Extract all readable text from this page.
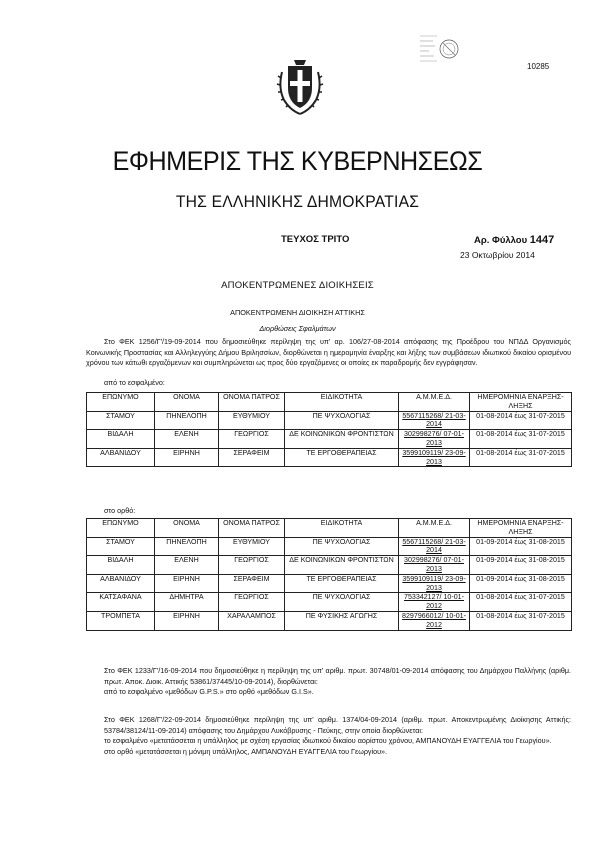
10285
ΕΦΗΜΕΡΙΣ ΤΗΣ ΚΥΒΕΡΝΗΣΕΩΣ
ΤΗΣ ΕΛΛΗΝΙΚΗΣ ΔΗΜΟΚΡΑΤΙΑΣ
ΤΕΥΧΟΣ ΤΡΙΤΟ	Αρ. Φύλλου 1447
23 Οκτωβρίου 2014
ΑΠΟΚΕΝΤΡΩΜΕΝΕΣ ΔΙΟΙΚΗΣΕΙΣ
ΑΠΟΚΕΝΤΡΩΜΕΝΗ ΔΙΟΙΚΗΣΗ ΑΤΤΙΚΗΣ
Διορθώσεις Σφαλμάτων
Στο ΦΕΚ 1256/Γ'/19-09-2014 που δημοσιεύθηκε περίληψη της υπ' αρ. 106/27-08-2014 απόφασης της Προέδρου του ΝΠΔΔ Οργανισμός Κοινωνικής Προστασίας και Αλληλεγγύης Δήμου Βριλησσίων, διορθώνεται η ημερομηνία έναρξης και λήξης των συμβάσεων ιδιωτικού δικαίου ορισμένου χρόνου των κάτωθι εργαζόμενων και συμπληρώνεται ως προς δύο εργαζόμενες οι οποίες εκ παραδρομής δεν εγγράφησαν.
από το εσφαλμένο:
ΕΠΩΝΥΜΟ	ΟΝΟΜΑ	ΟΝΟΜΑ ΠΑΤΡΟΣ	ΕΙΔΙΚΟΤΗΤΑ	Α.Μ.Μ.Ε.Δ.	ΗΜΕΡΟΜΗΝΙΑ ΕΝΑΡΞΗΣ-ΛΗΞΗΣ
ΣΤΑΜΟΥ	ΠΗΝΕΛΟΠΗ	ΕΥΘΥΜΙΟΥ	ΠΕ ΨΥΧΟΛΟΓΙΑΣ	5567115268/ 21-03-2014	01-08-2014 έως 31-07-2015
ΒΙΔΑΛΗ	ΕΛΕΝΗ	ΓΕΩΡΓΙΟΣ	ΔΕ ΚΟΙΝΩΝΙΚΩΝ ΦΡΟΝΤΙΣΤΩΝ	302998276/ 07-01-2013	01-08-2014 έως 31-07-2015
ΑΛΒΑΝΙΔΟΥ	ΕΙΡΗΝΗ	ΣΕΡΑΦΕΙΜ	ΤΕ ΕΡΓΟΘΕΡΑΠΕΙΑΣ	3599109119/ 23-09-2013	01-08-2014 έως 31-07-2015
στο ορθό:
ΕΠΩΝΥΜΟ	ΟΝΟΜΑ	ΟΝΟΜΑ ΠΑΤΡΟΣ	ΕΙΔΙΚΟΤΗΤΑ	Α.Μ.Μ.Ε.Δ.	ΗΜΕΡΟΜΗΝΙΑ ΕΝΑΡΞΗΣ-ΛΗΞΗΣ
ΣΤΑΜΟΥ	ΠΗΝΕΛΟΠΗ	ΕΥΘΥΜΙΟΥ	ΠΕ ΨΥΧΟΛΟΓΙΑΣ	5567115268/ 21-03-2014	01-09-2014 έως 31-08-2015
ΒΙΔΑΛΗ	ΕΛΕΝΗ	ΓΕΩΡΓΙΟΣ	ΔΕ ΚΟΙΝΩΝΙΚΩΝ ΦΡΟΝΤΙΣΤΩΝ	302998276/ 07-01-2013	01-09-2014 έως 31-08-2015
ΑΛΒΑΝΙΔΟΥ	ΕΙΡΗΝΗ	ΣΕΡΑΦΕΙΜ	ΤΕ ΕΡΓΟΘΕΡΑΠΕΙΑΣ	3599109119/ 23-09-2013	01-09-2014 έως 31-08-2015
ΚΑΤΣΑΦΑΝΑ	ΔΗΜΗΤΡΑ	ΓΕΩΡΓΙΟΣ	ΠΕ ΨΥΧΟΛΟΓΙΑΣ	753342127/ 10-01-2012	01-08-2014 έως 31-07-2015
ΤΡΟΜΠΕΤΑ	ΕΙΡΗΝΗ	ΧΑΡΑΛΑΜΠΟΣ	ΠΕ ΦΥΣΙΚΗΣ ΑΓΩΓΗΣ	8297966012/ 10-01-2012	01-08-2014 έως 31-07-2015
Στο ΦΕΚ 1233/Γ'/16-09-2014 που δημοσιεύθηκε η περίληψη της υπ' αριθμ. πρωτ. 30748/01-09-2014 απόφασης του Δημάρχου Παλλήνης (αριθμ. πρωτ. Αποκ. Διοικ. Αττικής 53861/37445/10-09-2014), διορθώνεται:
από το εσφαλμένο «μεθόδων G.P.S.» στο ορθό «μεθόδων G.I.S».
Στο ΦΕΚ 1268/Γ'/22-09-2014 δημοσιεύθηκε περίληψη της υπ' αριθμ. 1374/04-09-2014 (αριθμ. πρωτ. Αποκεντρωμένης Διοίκησης Αττικής: 53784/38124/11-09-2014) απόφασης του Δημάρχου Λυκόβρυσης - Πεύκης, στην οποία διορθώνεται:
το εσφαλμένο «μετατάσσεται η υπάλληλος με σχέση εργασίας ιδιωτικού δικαίου αορίστου χρόνου, ΑΜΠΑΝΟΥΔΗ ΕΥΑΓΓΕΛΙΑ του Γεωργίου».
στο ορθό «μετατάσσεται η μόνιμη υπάλληλος, ΑΜΠΑΝΟΥΔΗ ΕΥΑΓΓΕΛΙΑ του Γεωργίου».
